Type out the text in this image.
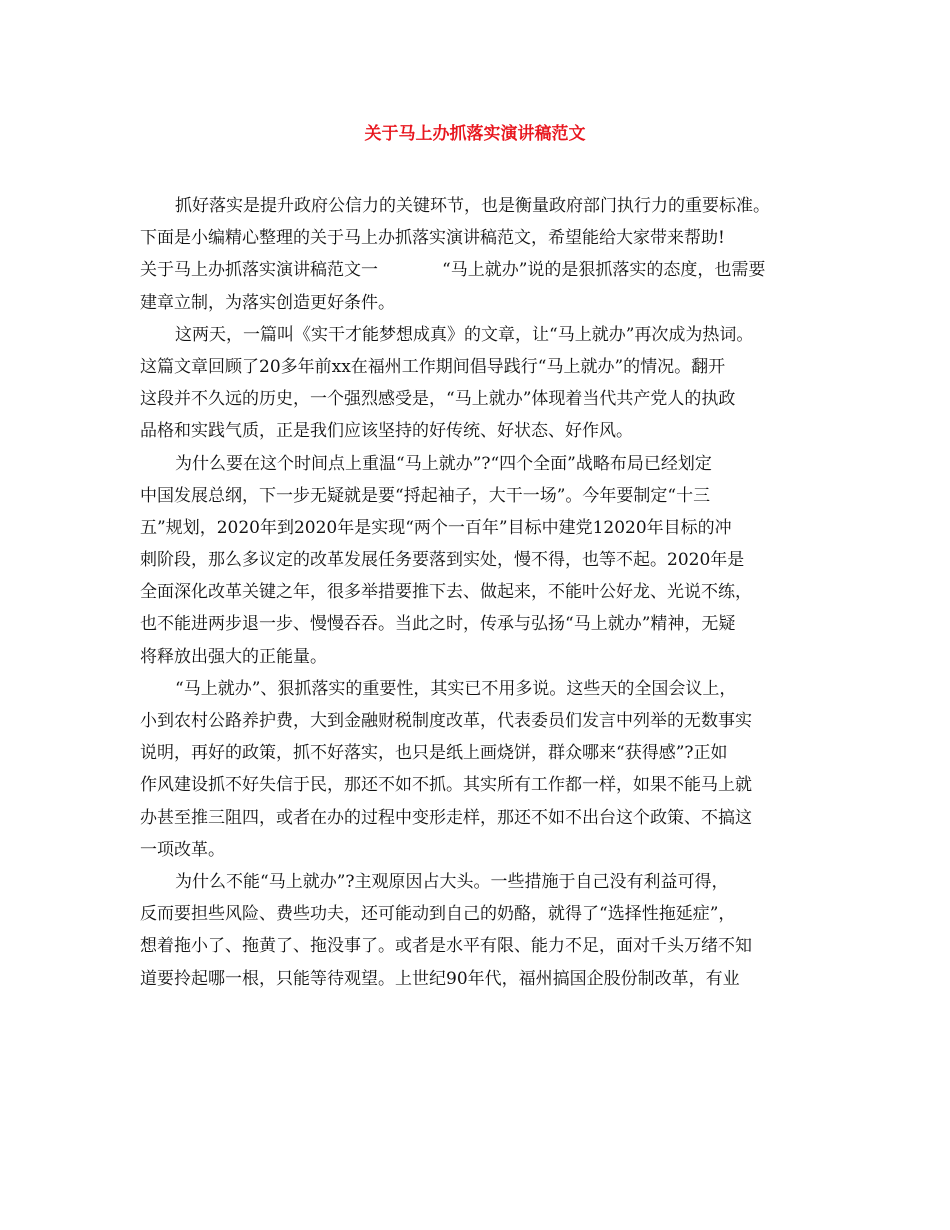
关于马上办抓落实演讲稿范文
抓好落实是提升政府公信力的关键环节，也是衡量政府部门执行力的重要标准。
下面是小编精心整理的关于马上办抓落实演讲稿范文，希望能给大家带来帮助!
关于马上办抓落实演讲稿范文一	“马上就办”说的是狠抓落实的态度，也需要
建章立制，为落实创造更好条件。
这两天，一篇叫《实干才能梦想成真》的文章，让“马上就办”再次成为热词。
这篇文章回顾了20多年前xx在福州工作期间倡导践行“马上就办”的情况。翻开
这段并不久远的历史，一个强烈感受是，“马上就办”体现着当代共产党人的执政
品格和实践气质，正是我们应该坚持的好传统、好状态、好作风。
为什么要在这个时间点上重温“马上就办”?“四个全面”战略布局已经划定
中国发展总纲，下一步无疑就是要“捋起袖子，大干一场”。今年要制定“十三
五”规划，2020年到2020年是实现“两个一百年”目标中建党12020年目标的冲
刺阶段，那么多议定的改革发展任务要落到实处，慢不得，也等不起。2020年是
全面深化改革关键之年，很多举措要推下去、做起来，不能叶公好龙、光说不练，
也不能进两步退一步、慢慢吞吞。当此之时，传承与弘扬“马上就办”精神，无疑
将释放出强大的正能量。
“马上就办”、狠抓落实的重要性，其实已不用多说。这些天的全国会议上，
小到农村公路养护费，大到金融财税制度改革，代表委员们发言中列举的无数事实
说明，再好的政策，抓不好落实，也只是纸上画烧饼，群众哪来“获得感”?正如
作风建设抓不好失信于民，那还不如不抓。其实所有工作都一样，如果不能马上就
办甚至推三阻四，或者在办的过程中变形走样，那还不如不出台这个政策、不搞这
一项改革。
为什么不能“马上就办”?主观原因占大头。一些措施于自己没有利益可得，
反而要担些风险、费些功夫，还可能动到自己的奶酪，就得了“选择性拖延症”，
想着拖小了、拖黄了、拖没事了。或者是水平有限、能力不足，面对千头万绪不知
道要拎起哪一根，只能等待观望。上世纪90年代，福州搞国企股份制改革，有业
